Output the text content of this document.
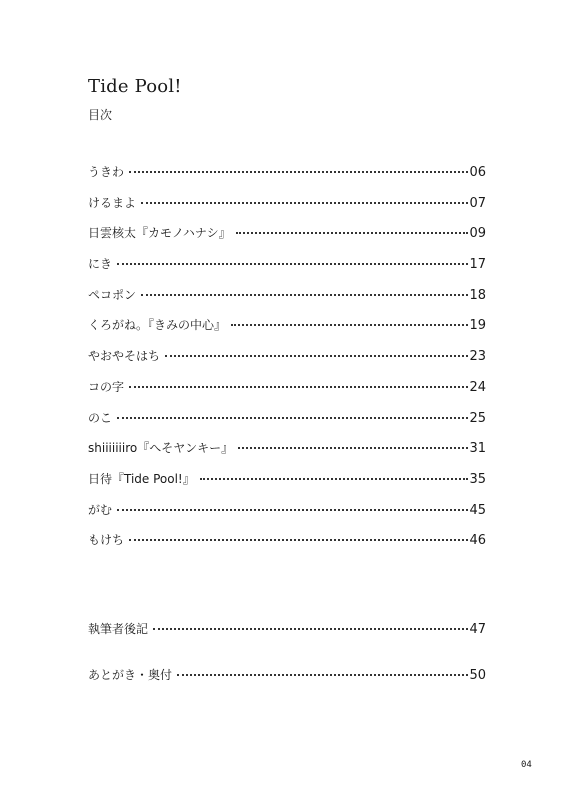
Tide Pool!
目次
うきわ	06
けるまよ	07
日雲核太『カモノハナシ』	09
にき	17
ペコポン	18
くろがね。『きみの中心』	19
やおやそはち	23
コの字	24
のこ	25
shiiiiiiiro『へそヤンキー』	31
日待『Tide Pool!』	35
がむ	45
もけち	46
執筆者後記	47
あとがき・奥付	50
04
